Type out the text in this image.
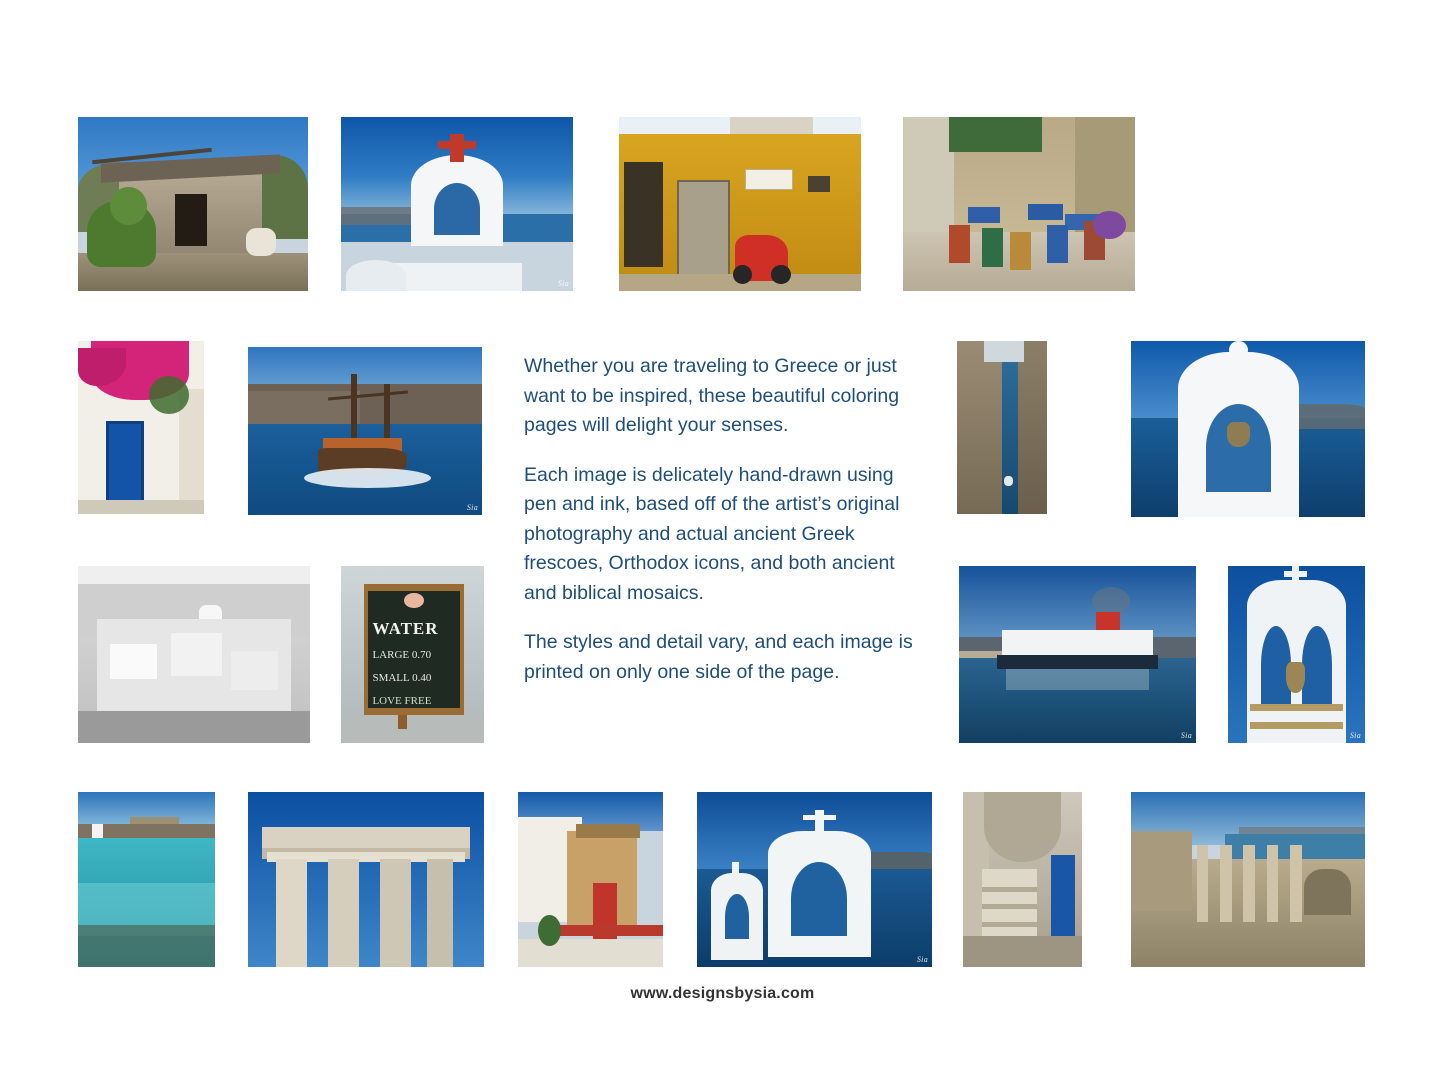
Sia
Sia

Whether you are traveling to Greece or just want to be inspired, these beautiful coloring pages will delight your senses.

Each image is delicately hand-drawn using pen and ink, based off of the artist’s original photography and actual ancient Greek frescoes, Orthodox icons, and both ancient and biblical mosaics.

The styles and detail vary, and each image is printed on only one side of the page.

WATER
LARGE 0.70
SMALL 0.40
LOVE FREE
Sia	Sia
Sia
www.designsbysia.com
